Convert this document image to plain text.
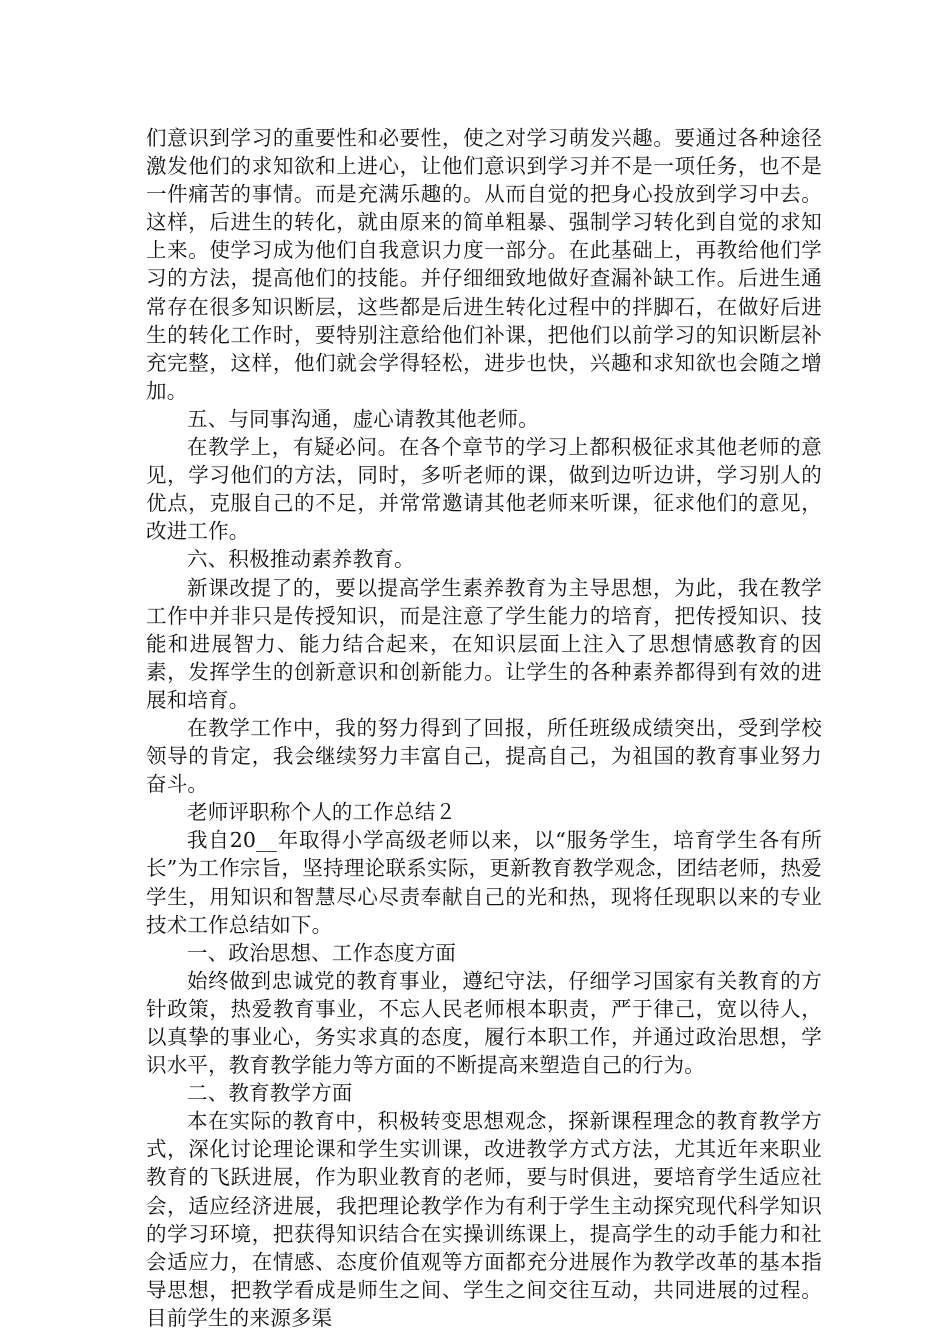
们意识到学习的重要性和必要性，使之对学习萌发兴趣。要通过各种途径激发他们的求知欲和上进心，让他们意识到学习并不是一项任务，也不是一件痛苦的事情。而是充满乐趣的。从而自觉的把身心投放到学习中去。这样，后进生的转化，就由原来的简单粗暴、强制学习转化到自觉的求知上来。使学习成为他们自我意识力度一部分。在此基础上，再教给他们学习的方法，提高他们的技能。并仔细细致地做好查漏补缺工作。后进生通常存在很多知识断层，这些都是后进生转化过程中的拌脚石，在做好后进生的转化工作时，要特别注意给他们补课，把他们以前学习的知识断层补充完整，这样，他们就会学得轻松，进步也快，兴趣和求知欲也会随之增加。

五、与同事沟通，虚心请教其他老师。

在教学上，有疑必问。在各个章节的学习上都积极征求其他老师的意见，学习他们的方法，同时，多听老师的课，做到边听边讲，学习别人的优点，克服自己的不足，并常常邀请其他老师来听课，征求他们的意见，改进工作。

六、积极推动素养教育。

新课改提了的，要以提高学生素养教育为主导思想，为此，我在教学工作中并非只是传授知识，而是注意了学生能力的培育，把传授知识、技能和进展智力、能力结合起来，在知识层面上注入了思想情感教育的因素，发挥学生的创新意识和创新能力。让学生的各种素养都得到有效的进展和培育。

在教学工作中，我的努力得到了回报，所任班级成绩突出，受到学校领导的肯定，我会继续努力丰富自己，提高自己，为祖国的教育事业努力奋斗。

老师评职称个人的工作总结２

我自20__年取得小学高级老师以来，以“服务学生，培育学生各有所长”为工作宗旨，坚持理论联系实际，更新教育教学观念，团结老师，热爱学生，用知识和智慧尽心尽责奉献自己的光和热，现将任现职以来的专业技术工作总结如下。

一、政治思想、工作态度方面

始终做到忠诚党的教育事业，遵纪守法，仔细学习国家有关教育的方针政策，热爱教育事业，不忘人民老师根本职责，严于律己，宽以待人，以真挚的事业心，务实求真的态度，履行本职工作，并通过政治思想，学识水平，教育教学能力等方面的不断提高来塑造自己的行为。

二、教育教学方面

本在实际的教育中，积极转变思想观念，探新课程理念的教育教学方式，深化讨论理论课和学生实训课，改进教学方式方法，尤其近年来职业教育的飞跃进展，作为职业教育的老师，要与时俱进，要培育学生适应社会，适应经济进展，我把理论教学作为有利于学生主动探究现代科学知识的学习环境，把获得知识结合在实操训练课上，提高学生的动手能力和社会适应力，在情感、态度价值观等方面都充分进展作为教学改革的基本指导思想，把教学看成是师生之间、学生之间交往互动，共同进展的过程。目前学生的来源多渠
